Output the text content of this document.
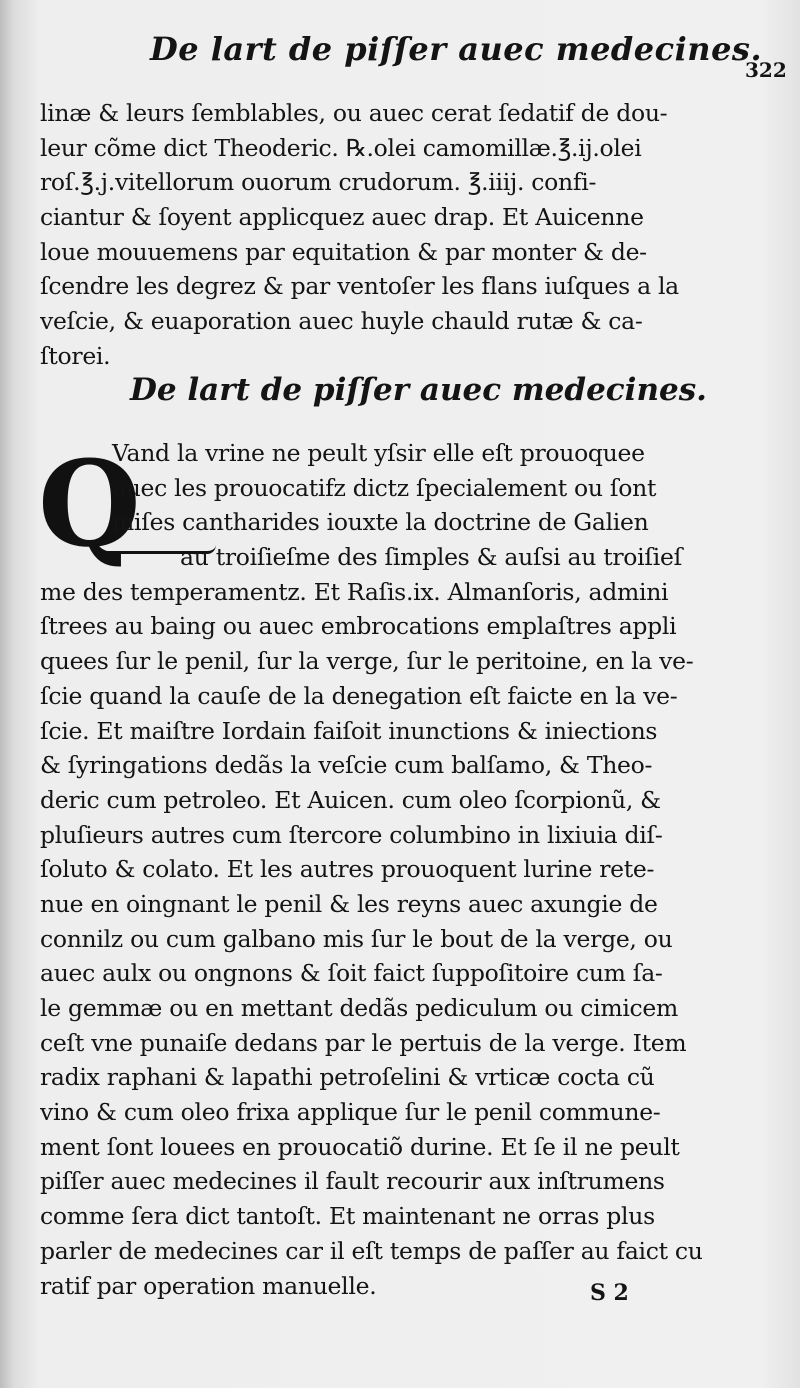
De lart de piſſer auec medecines.
322
linæ & leurs ſemblables, ou auec cerat ſedatif de dou-
leur cõme dict Theoderic. ℞.olei camomillæ.℥.ij.olei
roſ.℥.j.vitellorum ouorum crudorum. ℥.iiij. confi-
ciantur & ſoyent applicquez auec drap. Et Auicenne
loue mouuemens par equitation & par monter & de-
ſcendre les degrez & par ventoſer les flans iuſques a la
veſcie, & euaporation auec huyle chauld rutæ & ca-
ſtorei.
De lart de piſſer auec medecines.
Q
Vand la vrine ne peult yſsir elle eſt prouoquee
auec les prouocatifz dictz ſpecialement ou ſont
miſes cantharides iouxte la doctrine de Galien
au troiſieſme des ſimples & auſsi au troiſieſ
me des temperamentz. Et Raſis.ix. Almanſoris, admini
ſtrees au baing ou auec embrocations emplaſtres appli
quees ſur le penil, ſur la verge, ſur le peritoine, en la ve-
ſcie quand la cauſe de la denegation eſt faicte en la ve-
ſcie. Et maiſtre Iordain faiſoit inunctions & iniections
& ſyringations dedãs la veſcie cum balſamo, & Theo-
deric cum petroleo. Et Auicen. cum oleo ſcorpionũ, &
pluſieurs autres cum ſtercore columbino in lixiuia diſ-
ſoluto & colato. Et les autres prouoquent lurine rete-
nue en oingnant le penil & les reyns auec axungie de
connilz ou cum galbano mis ſur le bout de la verge, ou
auec aulx ou ongnons & ſoit faict ſuppoſitoire cum ſa-
le gemmæ ou en mettant dedãs pediculum ou cimicem
ceſt vne punaiſe dedans par le pertuis de la verge. Item
radix raphani & lapathi petroſelini & vrticæ cocta cũ
vino & cum oleo frixa applique ſur le penil commune-
ment ſont louees en prouocatiõ durine. Et ſe il ne peult
piſſer auec medecines il fault recourir aux inſtrumens
comme ſera dict tantoſt. Et maintenant ne orras plus
parler de medecines car il eſt temps de paſſer au faict cu
ratif par operation manuelle.	S 2
